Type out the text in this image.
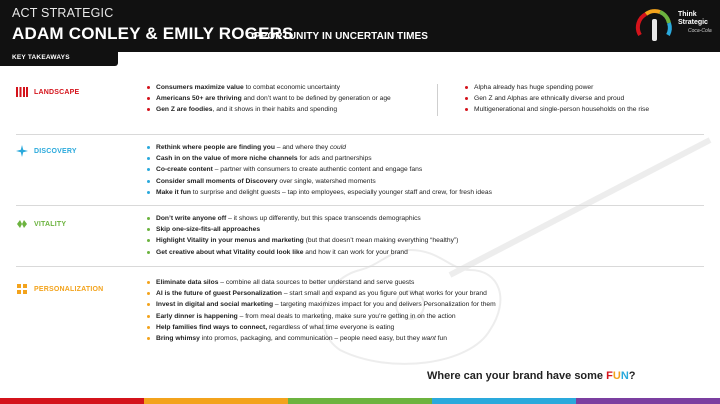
ACT STRATEGIC
ADAM CONLEY & EMILY ROGERS
OPPORTUNITY IN UNCERTAIN TIMES
Think
Strategic
Coca-Cola
KEY TAKEAWAYS
LANDSCAPE
Consumers maximize value to combat economic uncertainty
Americans 50+ are thriving and don’t want to be defined by generation or age
Gen Z are foodies, and it shows in their habits and spending
Alpha already has huge spending power
Gen Z and Alphas are ethnically diverse and proud
Multigenerational and single-person households on the rise
DISCOVERY	Rethink where people are finding you – and where they could
Cash in on the value of more niche channels for ads and partnerships
Co-create content – partner with consumers to create authentic content and engage fans
Consider small moments of Discovery over single, watershed moments
Make it fun to surprise and delight guests – tap into employees, especially younger staff and crew, for fresh ideas
VITALITY
Don’t write anyone off – it shows up differently, but this space transcends demographics
Skip one-size-fits-all approaches
Highlight Vitality in your menus and marketing (but that doesn’t mean making everything “healthy”)
Get creative about what Vitality could look like and how it can work for your brand
PERSONALIZATION
Eliminate data silos – combine all data sources to better understand and serve guests
AI is the future of guest Personalization – start small and expand as you figure out what works for your brand
Invest in digital and social marketing – targeting maximizes impact for you and delivers Personalization for them
Early dinner is happening – from meal deals to marketing, make sure you’re getting in on the action
Help families find ways to connect, regardless of what time everyone is eating
Bring whimsy into promos, packaging, and communication – people need easy, but they want fun
Where can your brand have some FUN?
